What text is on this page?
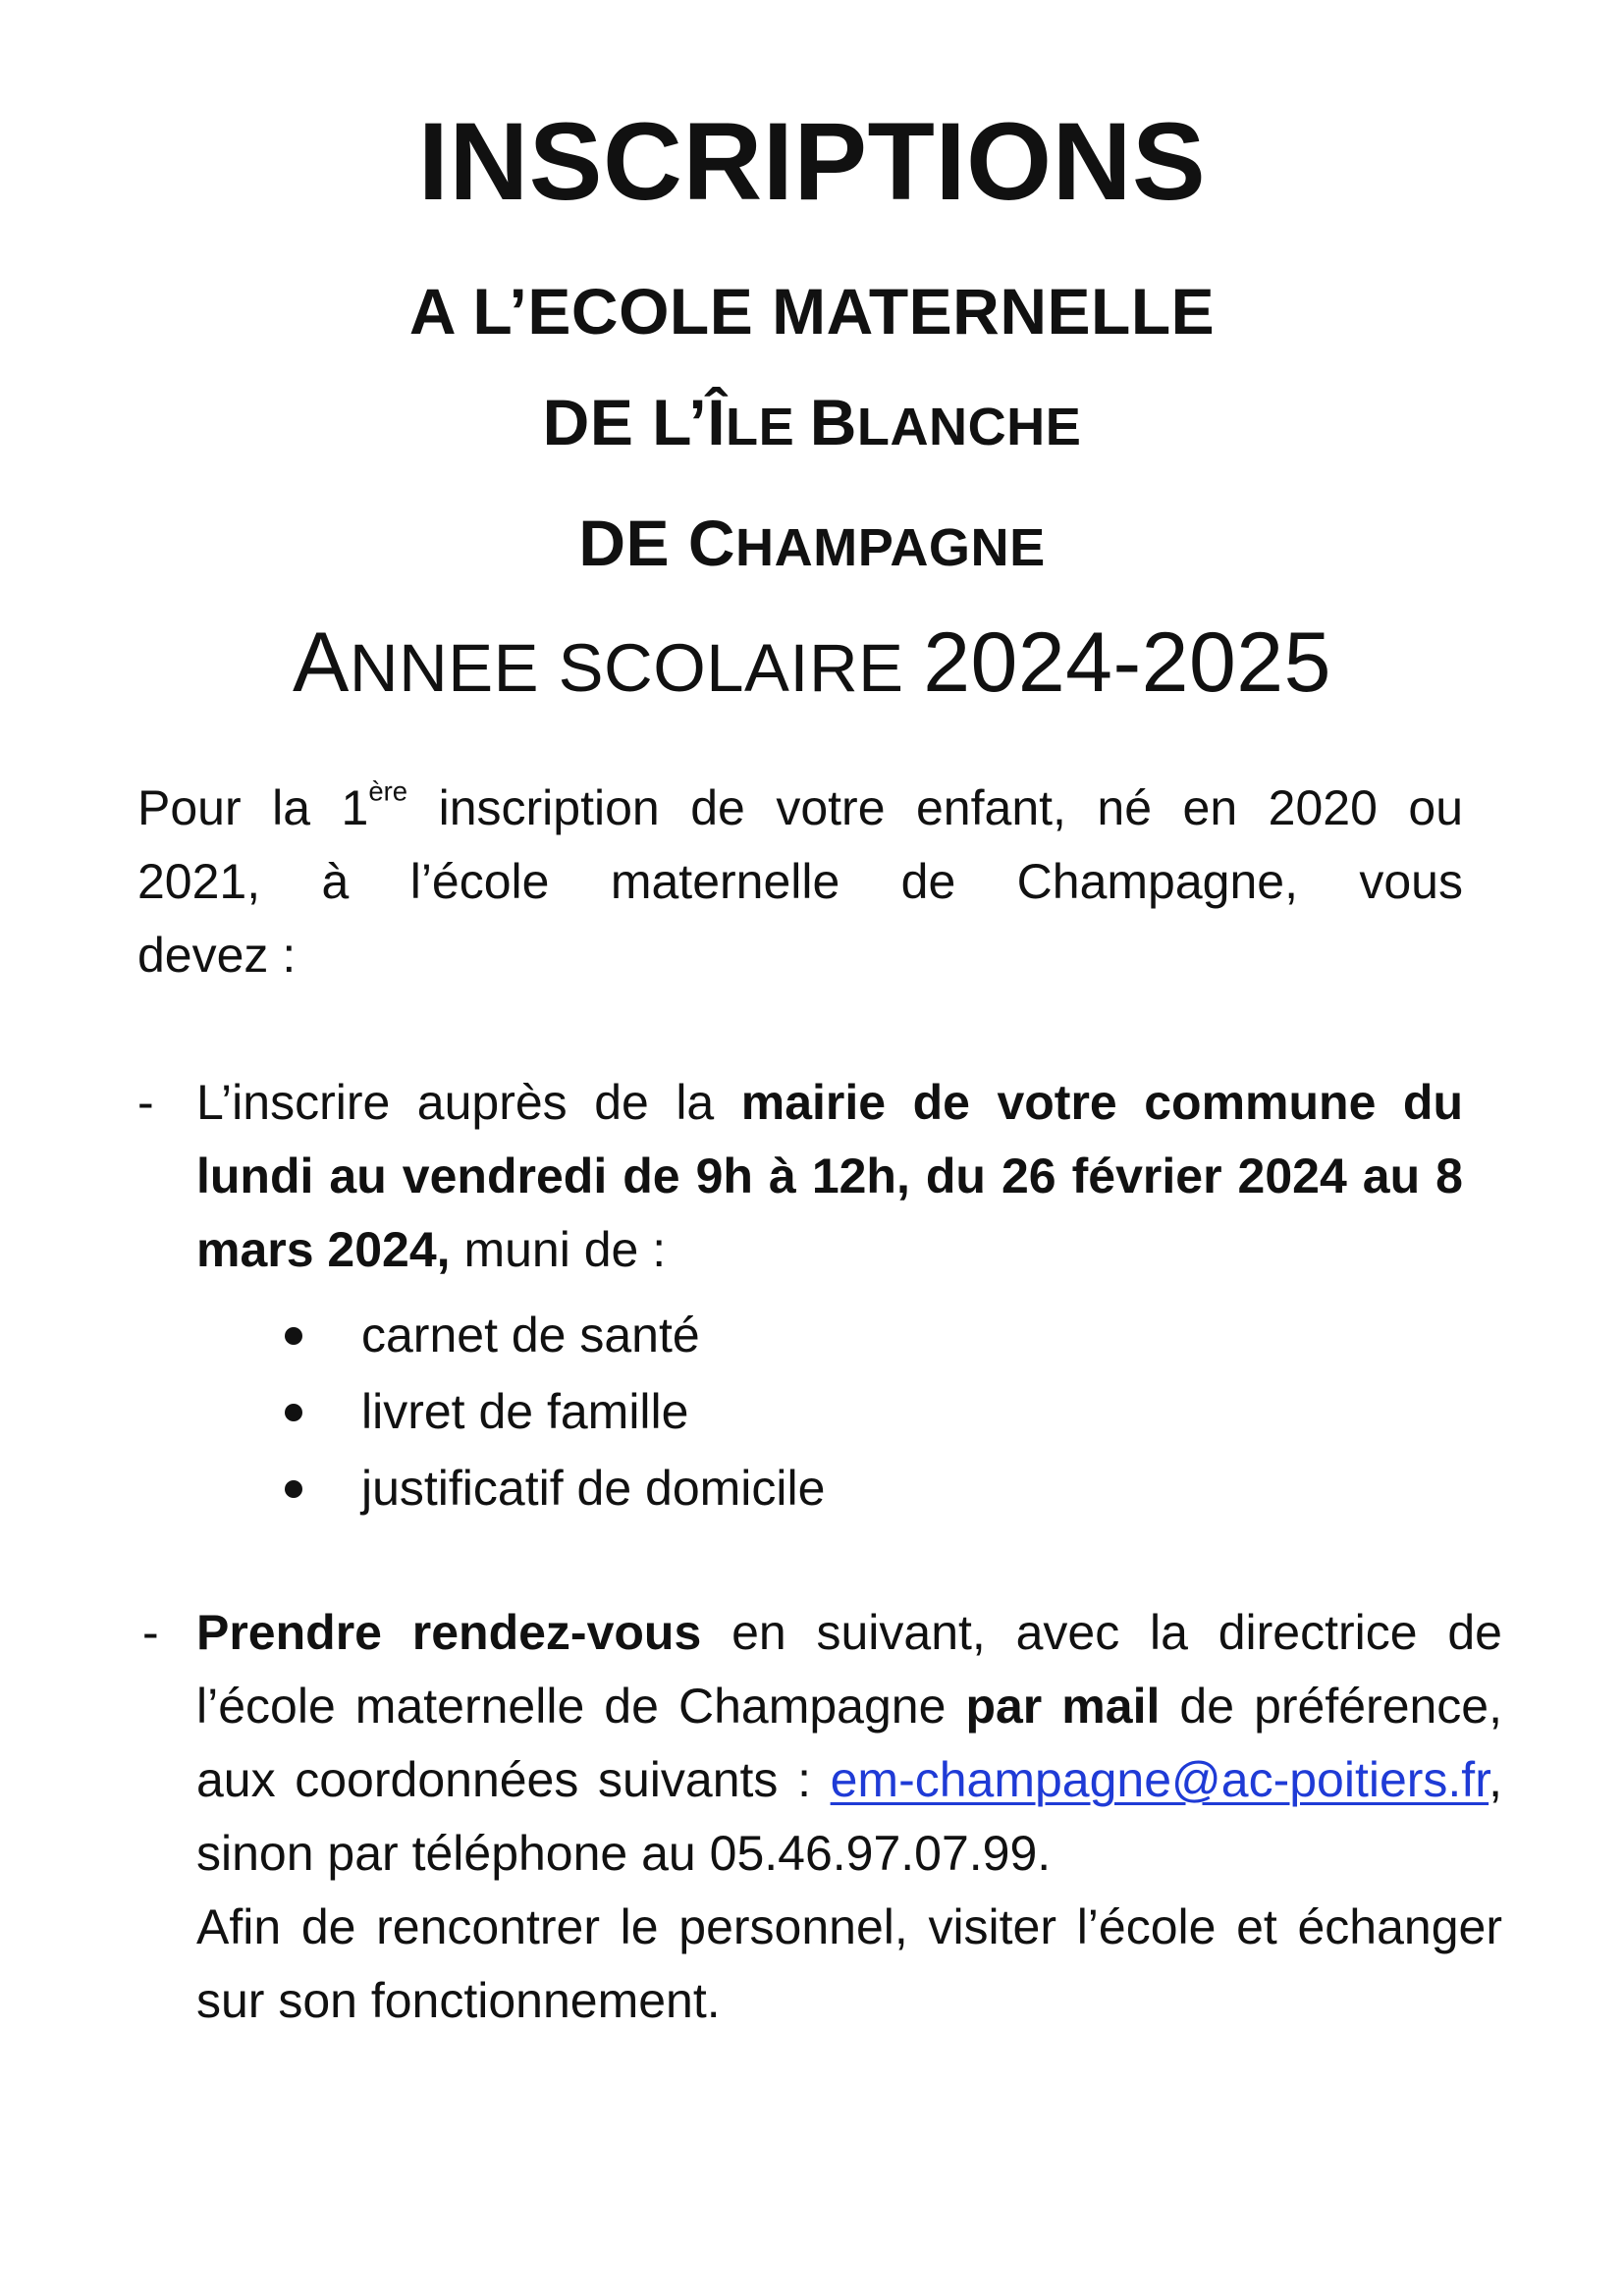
INSCRIPTIONS
A L’ECOLE MATERNELLE
DE L’ÎLE BLANCHE
DE CHAMPAGNE
ANNEE SCOLAIRE 2024-2025
Pour la 1ère inscription de votre enfant, né en 2020 ou
2021, à l’école maternelle de Champagne, vous
devez :
- L’inscrire auprès de la mairie de votre commune du lundi au vendredi de 9h à 12h, du 26 février 2024 au 8 mars 2024, muni de :
carnet de santé
livret de famille
justificatif de domicile
- Prendre rendez-vous en suivant, avec la directrice de l’école maternelle de Champagne par mail de préférence, aux coordonnées suivants : em-champagne@ac-poitiers.fr, sinon par téléphone au 05.46.97.07.99.
Afin de rencontrer le personnel, visiter l’école et échanger sur son fonctionnement.
